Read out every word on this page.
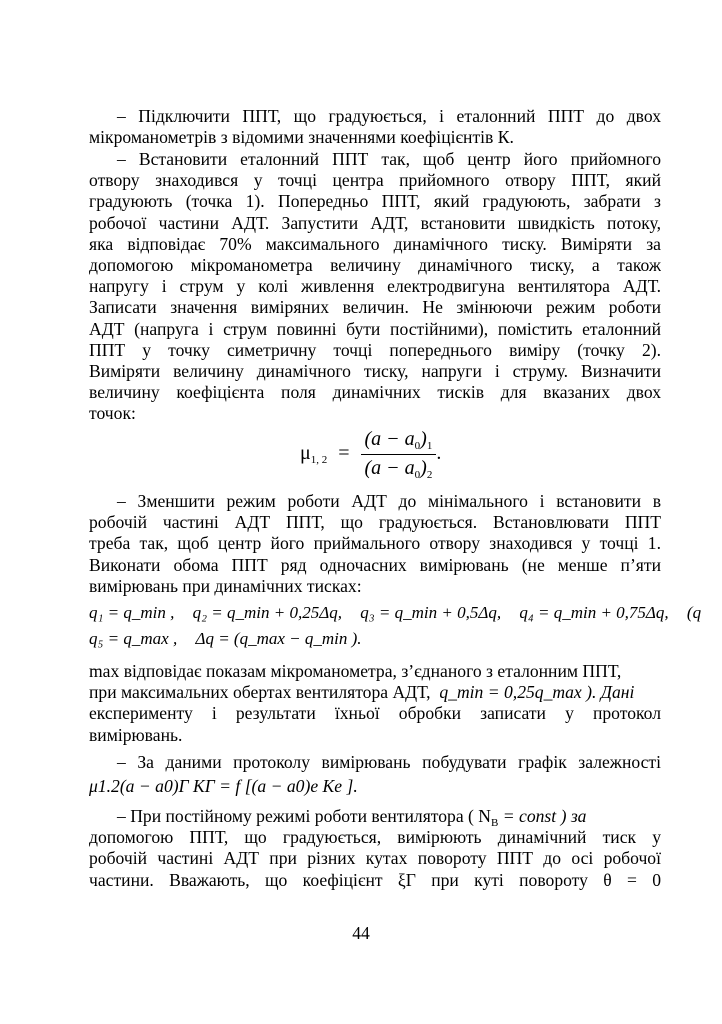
– Підключити ППТ, що градуюється, і еталонний ППТ до двох
мікроманометрів з відомими значеннями коефіцієнтів К.
– Встановити еталонний ППТ так, щоб центр його прийомного
отвору знаходився у точці центра прийомного отвору ППТ, який
градуюють (точка 1). Попередньо ППТ, який градуюють, забрати з
робочої частини АДТ. Запустити АДТ, встановити швидкість потоку,
яка відповідає 70% максимального динамічного тиску. Виміряти за
допомогою мікроманометра величину динамічного тиску, а також
напругу і струм у колі живлення електродвигуна вентилятора АДТ.
Записати значення виміряних величин. Не змінюючи режим роботи
АДТ (напруга і струм повинні бути постійними), помістить еталонний
ППТ у точку симетричну точці попереднього виміру (точку 2).
Виміряти величину динамічного тиску, напруги і струму. Визначити
величину коефіцієнта поля динамічних тисків для вказаних двох
точок:
$\mu_{1, 2} = \frac{(a - a_0)_1}{(a - a_0)_2}$ .
– Зменшити режим роботи АДТ до мінімального і встановити в
робочій частині АДТ ППТ, що градуюється. Встановлювати ППТ
треба так, щоб центр його приймального отвору знаходився у точці 1.
Виконати обома ППТ ряд одночасних вимірювань (не менше п’яти
вимірювань при динамічних тисках:
q₁ = q_min , q₂ = q_min + 0,25Δq, q₃ = q_min + 0,5Δq, q₄ = q_min + 0,75Δq, (q
q₅ = q_max , Δq = (q_max − q_min ).
max відповідає показам мікроманометра, з’єднаного з еталонним ППТ,
при максимальних обертах вентилятора АДТ, q_min = 0,25q_max ). Дані
експерименту і результати їхньої обробки записати у протокол
вимірювань.
– За даними протоколу вимірювань побудувати графік залежності
μ1.2(a − a0)Г KГ = f [(a − a0)е Kе ].
– При постійному режимі роботи вентилятора ( $N_B$ = const ) за
допомогою ППТ, що градуюється, вимірюють динамічний тиск у
робочій частині АДТ при різних кутах повороту ППТ до осі робочої
частини. Вважають, що коефіцієнт ξГ при куті повороту θ = 0
44
